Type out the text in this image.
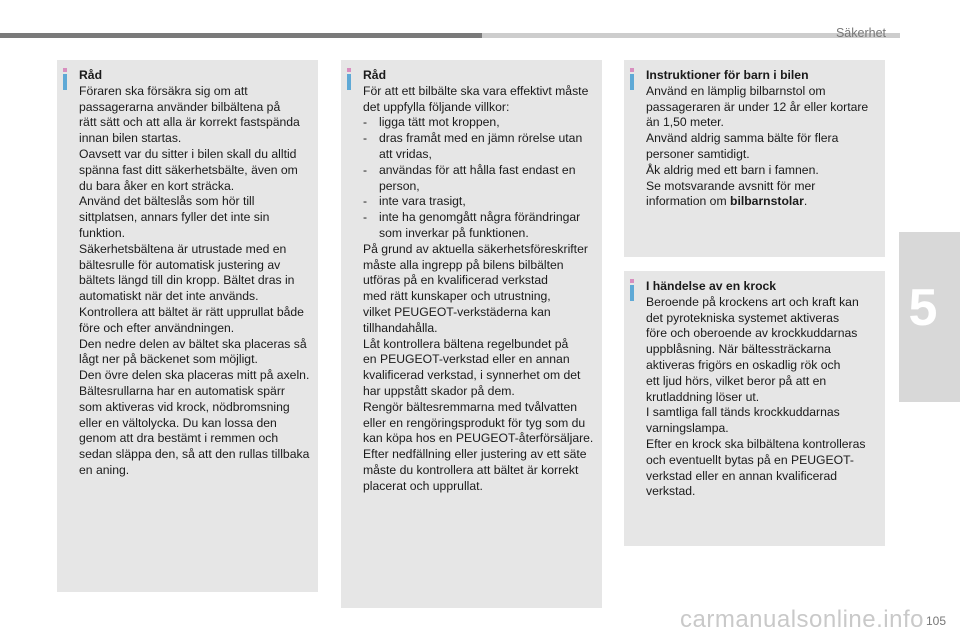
Säkerhet
5

Råd

Föraren ska försäkra sig om att

passagerarna använder bilbältena på

rätt sätt och att alla är korrekt fastspända

innan bilen startas.

Oavsett var du sitter i bilen skall du alltid

spänna fast ditt säkerhetsbälte, även om

du bara åker en kort sträcka.

Använd det bälteslås som hör till

sittplatsen, annars fyller det inte sin

funktion.

Säkerhetsbältena är utrustade med en

bältesrulle för automatisk justering av

bältets längd till din kropp. Bältet dras in

automatiskt när det inte används.

Kontrollera att bältet är rätt upprullat både

före och efter användningen.

Den nedre delen av bältet ska placeras så

lågt ner på bäckenet som möjligt.

Den övre delen ska placeras mitt på axeln.

Bältesrullarna har en automatisk spärr

som aktiveras vid krock, nödbromsning

eller en vältolycka. Du kan lossa den

genom att dra bestämt i remmen och

sedan släppa den, så att den rullas tillbaka

en aning.

Råd

För att ett bilbälte ska vara effektivt måste

det uppfylla följande villkor:

- ligga tätt mot kroppen,

- dras framåt med en jämn rörelse utan

att vridas,

- användas för att hålla fast endast en

person,

- inte vara trasigt,

- inte ha genomgått några förändringar

som inverkar på funktionen.

På grund av aktuella säkerhetsföreskrifter

måste alla ingrepp på bilens bilbälten

utföras på en kvalificerad verkstad

med rätt kunskaper och utrustning,

vilket PEUGEOT-verkstäderna kan

tillhandahålla.

Låt kontrollera bältena regelbundet på

en PEUGEOT-verkstad eller en annan

kvalificerad verkstad, i synnerhet om det

har uppstått skador på dem.

Rengör bältesremmarna med tvålvatten

eller en rengöringsprodukt för tyg som du

kan köpa hos en PEUGEOT-återförsäljare.

Efter nedfällning eller justering av ett säte

måste du kontrollera att bältet är korrekt

placerat och upprullat.

Instruktioner för barn i bilen

Använd en lämplig bilbarnstol om

passageraren är under 12 år eller kortare

än 1,50 meter.

Använd aldrig samma bälte för flera

personer samtidigt.

Åk aldrig med ett barn i famnen.

Se motsvarande avsnitt för mer

information om bilbarnstolar.

I händelse av en krock

Beroende på krockens art och kraft kan

det pyrotekniska systemet aktiveras

före och oberoende av krockkuddarnas

uppblåsning. När bältessträckarna

aktiveras frigörs en oskadlig rök och

ett ljud hörs, vilket beror på att en

krutladdning löser ut.

I samtliga fall tänds krockkuddarnas

varningslampa.

Efter en krock ska bilbältena kontrolleras

och eventuellt bytas på en PEUGEOT-

verkstad eller en annan kvalificerad

verkstad.

carmanualsonline.info 105
